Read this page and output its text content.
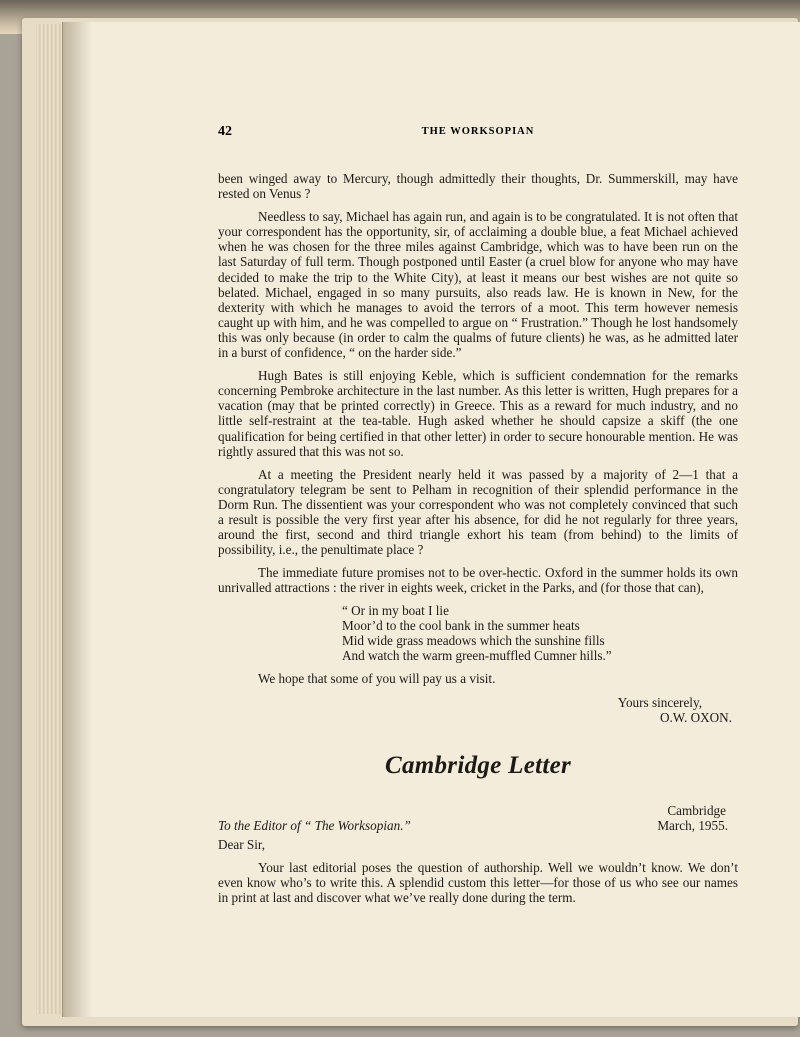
42	THE WORKSOPIAN

been winged away to Mercury, though admittedly their thoughts, Dr. Summerskill, may have rested on Venus ?

Needless to say, Michael has again run, and again is to be congratulated. It is not often that your correspondent has the opportunity, sir, of acclaiming a double blue, a feat Michael achieved when he was chosen for the three miles against Cambridge, which was to have been run on the last Saturday of full term. Though postponed until Easter (a cruel blow for anyone who may have decided to make the trip to the White City), at least it means our best wishes are not quite so belated. Michael, engaged in so many pursuits, also reads law. He is known in New, for the dexterity with which he manages to avoid the terrors of a moot. This term however nemesis caught up with him, and he was compelled to argue on “ Frustration.” Though he lost handsomely this was only because (in order to calm the qualms of future clients) he was, as he admitted later in a burst of confidence, “ on the harder side.”

Hugh Bates is still enjoying Keble, which is sufficient condemnation for the remarks concerning Pembroke architecture in the last number. As this letter is written, Hugh prepares for a vacation (may that be printed correctly) in Greece. This as a reward for much industry, and no little self-restraint at the tea-table. Hugh asked whether he should capsize a skiff (the one qualification for being certified in that other letter) in order to secure honourable mention. He was rightly assured that this was not so.

At a meeting the President nearly held it was passed by a majority of 2—1 that a congratulatory telegram be sent to Pelham in recognition of their splendid performance in the Dorm Run. The dissentient was your correspondent who was not completely convinced that such a result is possible the very first year after his absence, for did he not regularly for three years, around the first, second and third triangle exhort his team (from behind) to the limits of possibility, i.e., the penultimate place ?

The immediate future promises not to be over-hectic. Oxford in the summer holds its own unrivalled attractions : the river in eights week, cricket in the Parks, and (for those that can),

“ Or in my boat I lie
Moor’d to the cool bank in the summer heats
Mid wide grass meadows which the sunshine fills
And watch the warm green-muffled Cumner hills.”

We hope that some of you will pay us a visit.

Yours sincerely,
O.W. OXON.
Cambridge Letter
Cambridge
To the Editor of “ The Worksopian.”	March, 1955.

Dear Sir,

Your last editorial poses the question of authorship. Well we wouldn’t know. We don’t even know who’s to write this. A splendid custom this letter—for those of us who see our names in print at last and discover what we’ve really done during the term.
